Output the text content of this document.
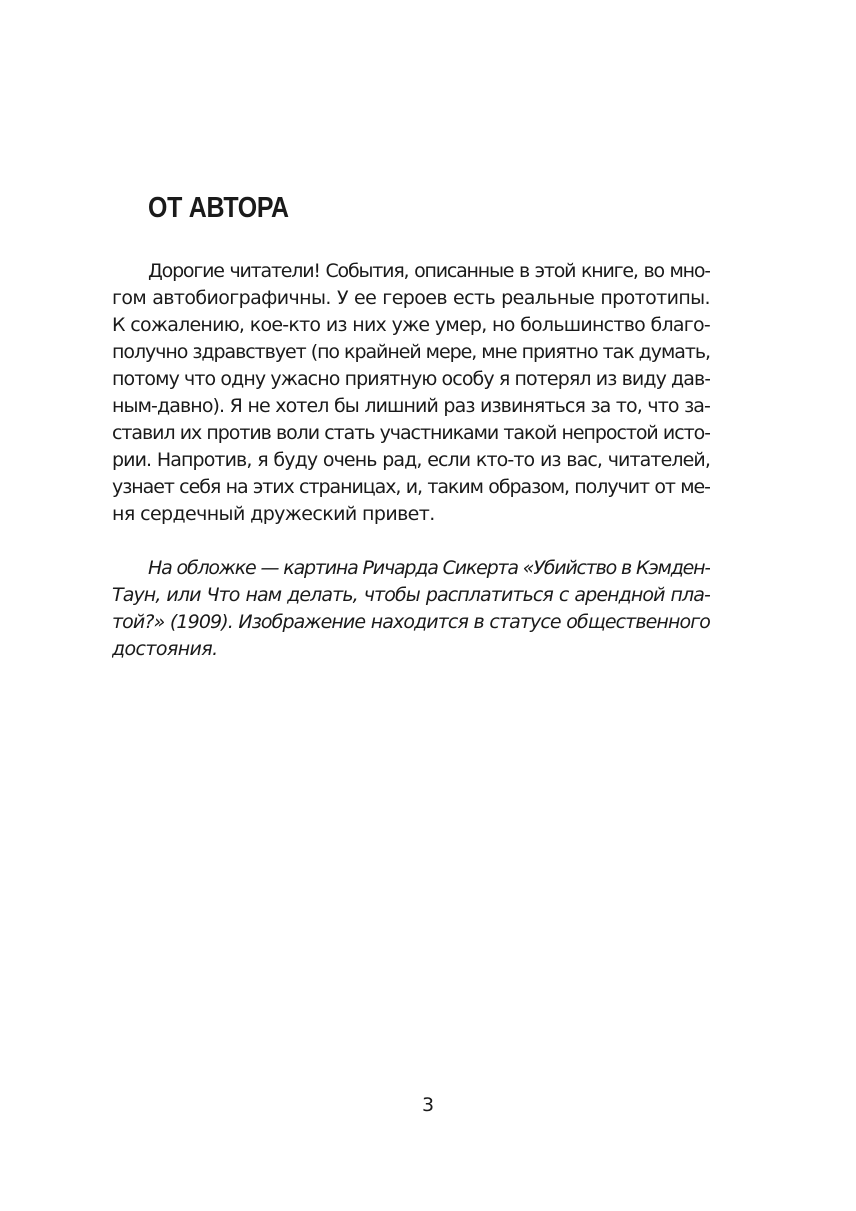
ОТ АВТОРА
Дорогие читатели! События, описанные в этой книге, во мно-
гом автобиографичны. У ее героев есть реальные прототипы.
К сожалению, кое-кто из них уже умер, но большинство благо-
получно здравствует (по крайней мере, мне приятно так думать,
потому что одну ужасно приятную особу я потерял из виду дав-
ным-давно). Я не хотел бы лишний раз извиняться за то, что за-
ставил их против воли стать участниками такой непростой исто-
рии. Напротив, я буду очень рад, если кто-то из вас, читателей,
узнает себя на этих страницах, и, таким образом, получит от ме-
ня сердечный дружеский привет.
На обложке — картина Ричарда Сикерта «Убийство в Кэмден-
Таун, или Что нам делать, чтобы расплатиться с арендной пла-
той?» (1909). Изображение находится в статусе общественного
достояния.
3
